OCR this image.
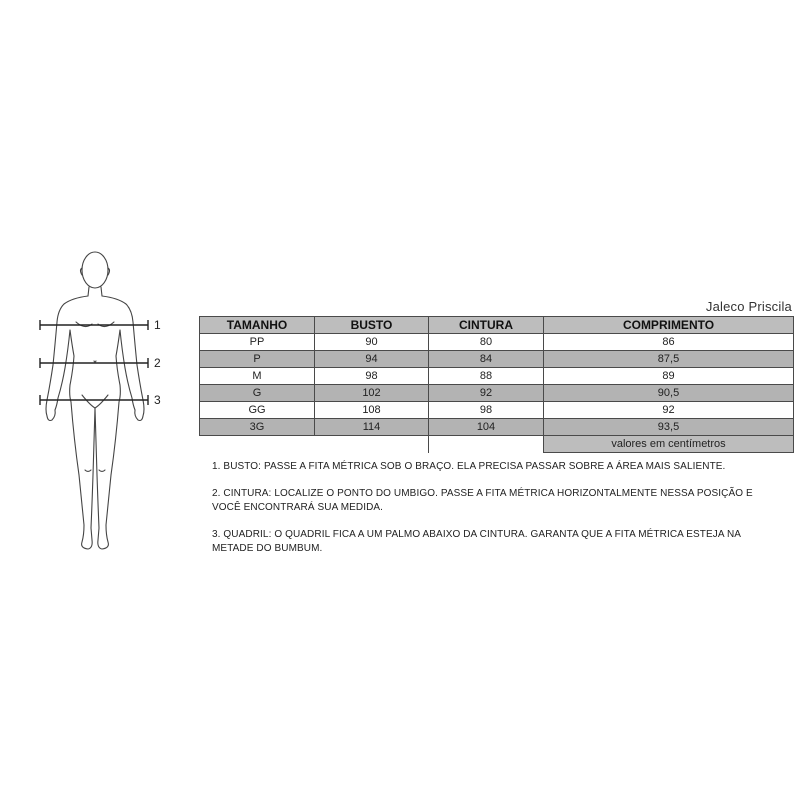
1
2
3
Jaleco Priscila
TAMANHO	BUSTO	CINTURA	COMPRIMENTO
PP	90	80	86
P	94	84	87,5
M	98	88	89
G	102	92	90,5
GG	108	98	92
3G	114	104	93,5
			valores em centímetros

1. BUSTO: PASSE A FITA MÉTRICA SOB O BRAÇO. ELA PRECISA PASSAR SOBRE A ÁREA MAIS SALIENTE.

2. CINTURA: LOCALIZE O PONTO DO UMBIGO. PASSE A FITA MÉTRICA HORIZONTALMENTE NESSA POSIÇÃO E VOCÊ ENCONTRARÁ SUA MEDIDA.

3. QUADRIL: O QUADRIL FICA A UM PALMO ABAIXO DA CINTURA. GARANTA QUE A FITA MÉTRICA ESTEJA NA METADE DO BUMBUM.
